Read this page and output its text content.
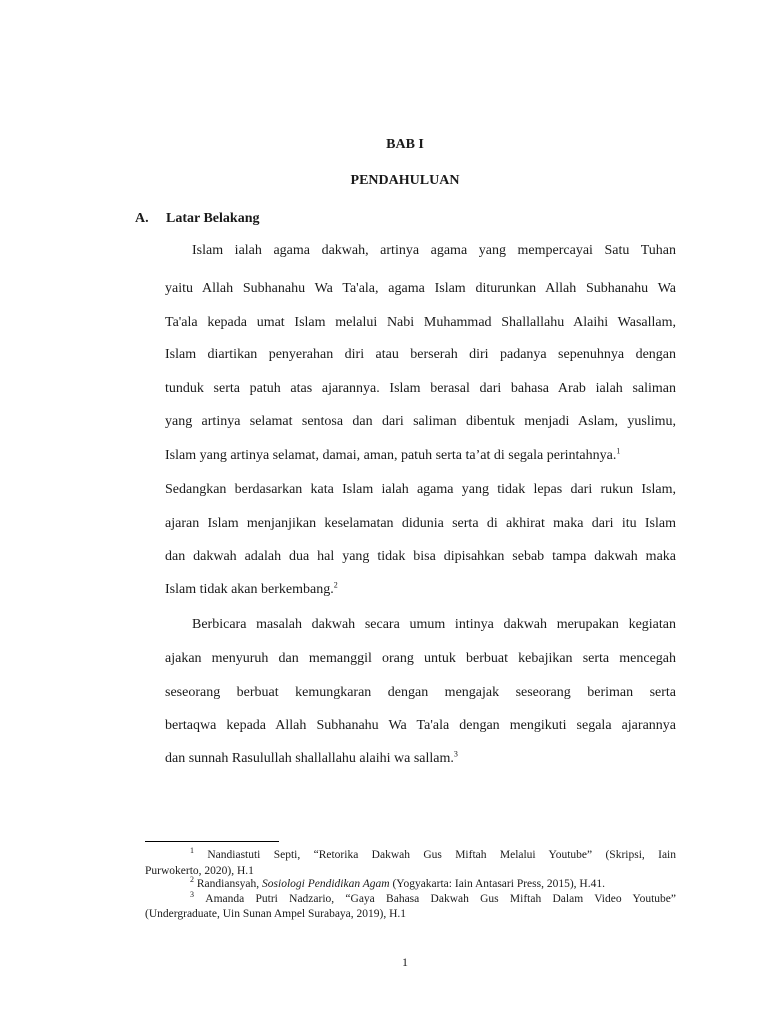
BAB I
PENDAHULUAN
A. Latar Belakang
Islam ialah agama dakwah, artinya agama yang mempercayai Satu Tuhan
yaitu Allah Subhanahu Wa Ta'ala, agama Islam diturunkan Allah Subhanahu Wa
Ta'ala kepada umat Islam melalui Nabi Muhammad Shallallahu Alaihi Wasallam,
Islam diartikan penyerahan diri atau berserah diri padanya sepenuhnya dengan
tunduk serta patuh atas ajarannya. Islam berasal dari bahasa Arab ialah saliman
yang artinya selamat sentosa dan dari saliman dibentuk menjadi Aslam, yuslimu,
Islam yang artinya selamat, damai, aman, patuh serta ta’at di segala perintahnya.$^1$
Sedangkan berdasarkan kata Islam ialah agama yang tidak lepas dari rukun Islam,
ajaran Islam menjanjikan keselamatan didunia serta di akhirat maka dari itu Islam
dan dakwah adalah dua hal yang tidak bisa dipisahkan sebab tampa dakwah maka
Islam tidak akan berkembang.$^2$
Berbicara masalah dakwah secara umum intinya dakwah merupakan kegiatan
ajakan menyuruh dan memanggil orang untuk berbuat kebajikan serta mencegah
seseorang berbuat kemungkaran dengan mengajak seseorang beriman serta
bertaqwa kepada Allah Subhanahu Wa Ta'ala dengan mengikuti segala ajarannya
dan sunnah Rasulullah shallallahu alaihi wa sallam.$^3$
$^1$ Nandiastuti Septi, “Retorika Dakwah Gus Miftah Melalui Youtube” (Skripsi, Iain
Purwokerto, 2020), H.1
$^2$ Randiansyah, Sosiologi Pendidikan Agam (Yogyakarta: Iain Antasari Press, 2015), H.41.
$^3$ Amanda Putri Nadzario, “Gaya Bahasa Dakwah Gus Miftah Dalam Video Youtube”
(Undergraduate, Uin Sunan Ampel Surabaya, 2019), H.1
1
